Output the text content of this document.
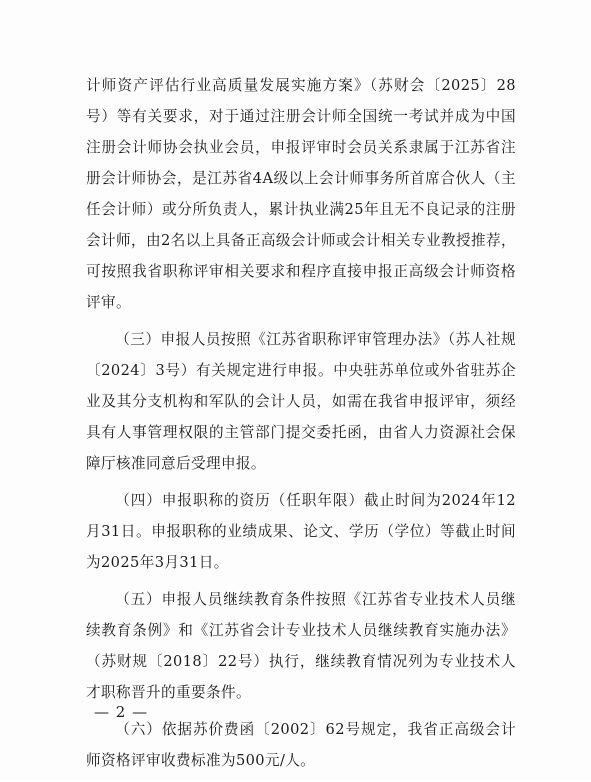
计师资产评估行业高质量发展实施方案》（苏财会〔2025〕28号）等有关要求，对于通过注册会计师全国统一考试并成为中国注册会计师协会执业会员，申报评审时会员关系隶属于江苏省注册会计师协会，是江苏省4A级以上会计师事务所首席合伙人（主任会计师）或分所负责人，累计执业满25年且无不良记录的注册会计师，由2名以上具备正高级会计师或会计相关专业教授推荐，可按照我省职称评审相关要求和程序直接申报正高级会计师资格评审。

（三）申报人员按照《江苏省职称评审管理办法》（苏人社规〔2024〕3号）有关规定进行申报。中央驻苏单位或外省驻苏企业及其分支机构和军队的会计人员，如需在我省申报评审，须经具有人事管理权限的主管部门提交委托函，由省人力资源社会保障厅核准同意后受理申报。

（四）申报职称的资历（任职年限）截止时间为2024年12月31日。申报职称的业绩成果、论文、学历（学位）等截止时间为2025年3月31日。

（五）申报人员继续教育条件按照《江苏省专业技术人员继续教育条例》和《江苏省会计专业技术人员继续教育实施办法》（苏财规〔2018〕22号）执行，继续教育情况列为专业技术人才职称晋升的重要条件。

（六）依据苏价费函〔2002〕62号规定，我省正高级会计师资格评审收费标准为500元/人。

— 2 —
